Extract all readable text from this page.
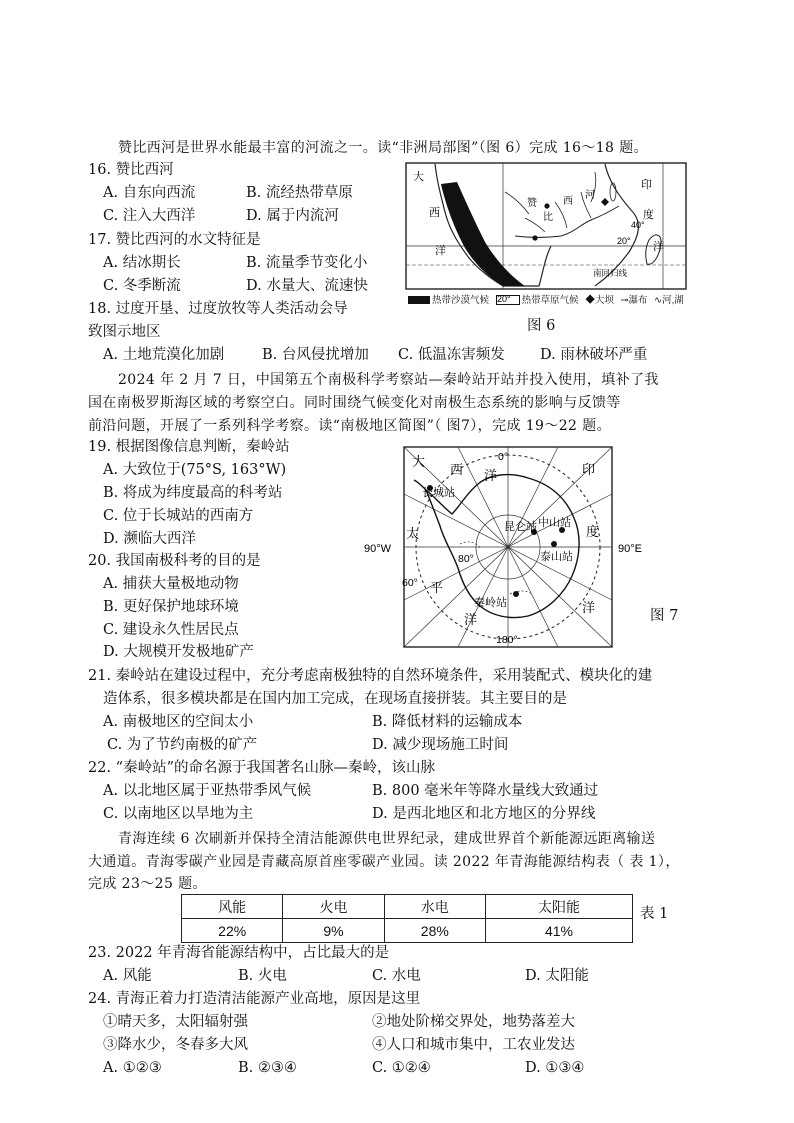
赞比西河是世界水能最丰富的河流之一。读“非洲局部图”（图 6）完成 16～18 题。
16. 赞比西河
A. 自东向西流	B. 流经热带草原
C. 注入大西洋	D. 属于内流河
17. 赞比西河的水文特征是
A. 结冰期长	B. 流量季节变化小
C. 冬季断流	D. 水量大、流速快
18. 过度开垦、过度放牧等人类活动会导
致图示地区
A. 土地荒漠化加剧	B. 台风侵扰增加 C. 低温冻害频发 D. 雨林破坏严重
大
西
洋
印
度
洋
赞
比
西
河
20°
40°
20°
南回归线
热带沙漠气候	热带草原气候 ◆大坝 ⊸瀑布 ∿河,湖
图 6
2024 年 2 月 7 日，中国第五个南极科学考察站—秦岭站开站并投入使用，填补了我
国在南极罗斯海区域的考察空白。同时围绕气候变化对南极生态系统的影响与反馈等
前沿问题，开展了一系列科学考察。读“南极地区简图”（ 图7），完成 19～22 题。
19. 根据图像信息判断，秦岭站
A. 大致位于(75°S, 163°W)
B. 将成为纬度最高的科考站
C. 位于长城站的西南方
D. 濒临大西洋
20. 我国南极科考的目的是
A. 捕获大量极地动物
B. 更好保护地球环境
C. 建设永久性居民点
D. 大规模开发极地矿产
0°
180°
90°W	90°E
80°
60°
大
西 洋	印
度
洋
太
平
洋
长城站
昆仑站 中山站
泰山站
秦岭站
图 7
21. 秦岭站在建设过程中，充分考虑南极独特的自然环境条件，采用装配式、模块化的建
造体系，很多模块都是在国内加工完成，在现场直接拼装。其主要目的是
A. 南极地区的空间太小	B. 降低材料的运输成本
C. 为了节约南极的矿产	D. 减少现场施工时间
22. “秦岭站”的命名源于我国著名山脉—秦岭，该山脉
A. 以北地区属于亚热带季风气候	B. 800 毫米年等降水量线大致通过
C. 以南地区以旱地为主	D. 是西北地区和北方地区的分界线
青海连续 6 次刷新并保持全清洁能源供电世界纪录，建成世界首个新能源远距离输送
大通道。青海零碳产业园是青藏高原首座零碳产业园。读 2022 年青海能源结构表（ 表 1），
完成 23～25 题。
风能	火电	水电	太阳能
22%	9%	28%	41%
表 1
23. 2022 年青海省能源结构中，占比最大的是
A. 风能	B. 火电	C. 水电	D. 太阳能
24. 青海正着力打造清洁能源产业高地，原因是这里
①晴天多，太阳辐射强	②地处阶梯交界处，地势落差大
③降水少，冬春多大风	④人口和城市集中，工农业发达
A. ①②③	B. ②③④	C. ①②④	D. ①③④
